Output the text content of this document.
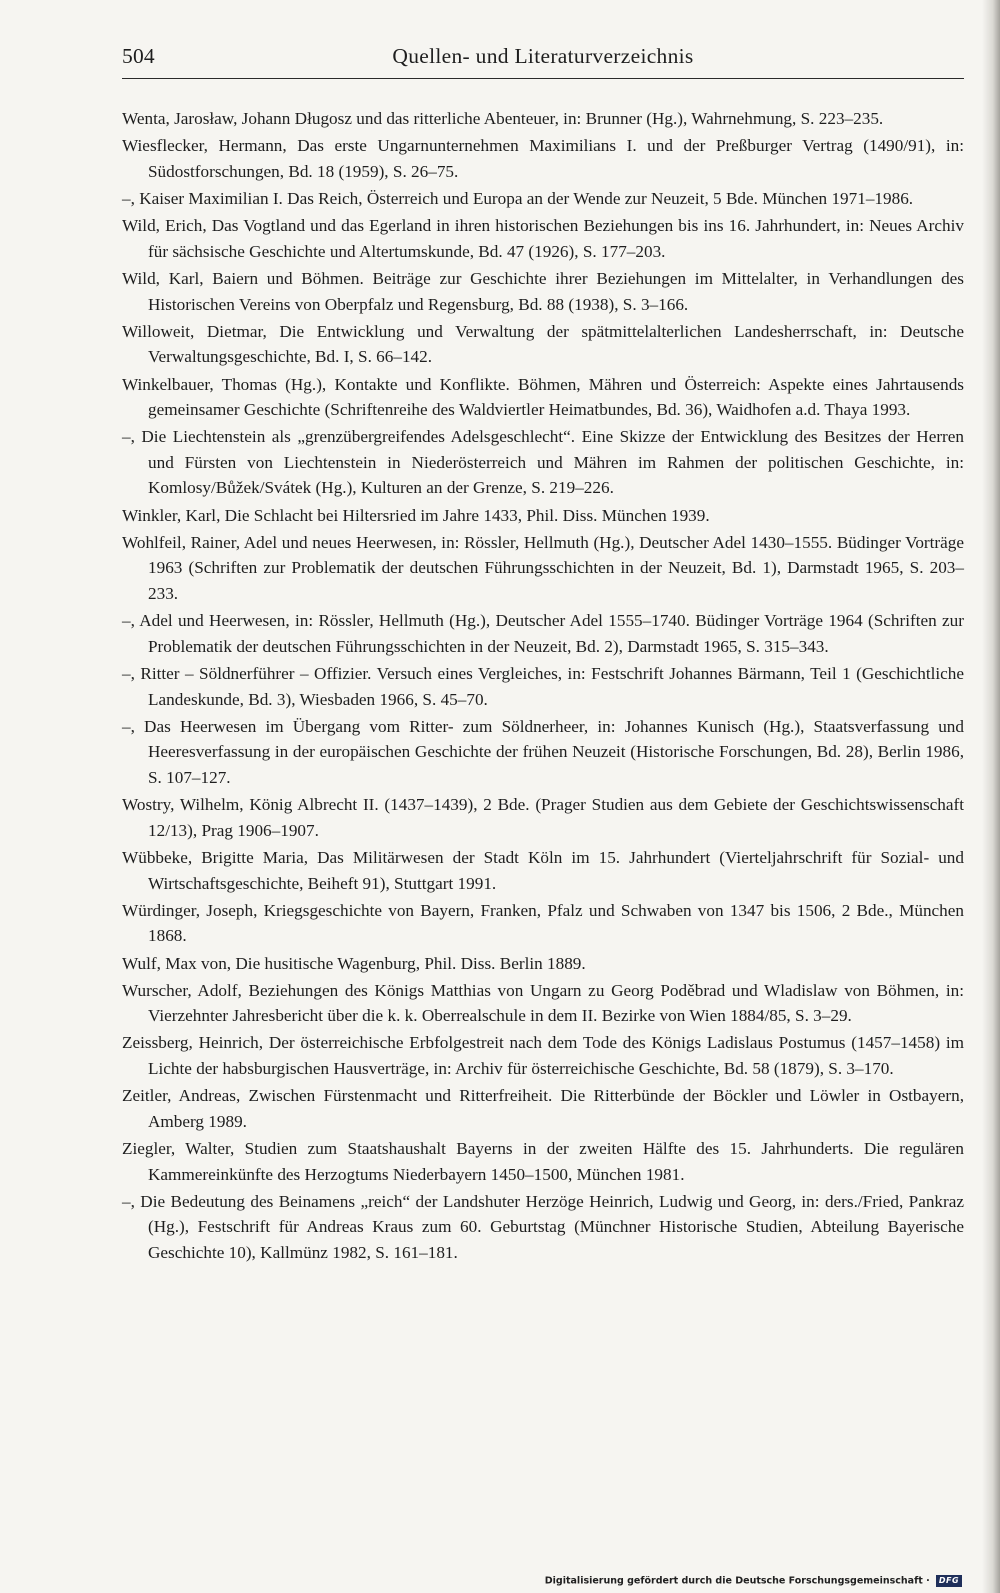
504	Quellen- und Literaturverzeichnis
Wenta, Jarosław, Johann Długosz und das ritterliche Abenteuer, in: Brunner (Hg.), Wahrnehmung, S. 223–235.
Wiesflecker, Hermann, Das erste Ungarnunternehmen Maximilians I. und der Preßburger Vertrag (1490/91), in: Südostforschungen, Bd. 18 (1959), S. 26–75.
–, Kaiser Maximilian I. Das Reich, Österreich und Europa an der Wende zur Neuzeit, 5 Bde. München 1971–1986.
Wild, Erich, Das Vogtland und das Egerland in ihren historischen Beziehungen bis ins 16. Jahrhundert, in: Neues Archiv für sächsische Geschichte und Altertumskunde, Bd. 47 (1926), S. 177–203.
Wild, Karl, Baiern und Böhmen. Beiträge zur Geschichte ihrer Beziehungen im Mittelalter, in Verhandlungen des Historischen Vereins von Oberpfalz und Regensburg, Bd. 88 (1938), S. 3–166.
Willoweit, Dietmar, Die Entwicklung und Verwaltung der spätmittelalterlichen Landesherrschaft, in: Deutsche Verwaltungsgeschichte, Bd. I, S. 66–142.
Winkelbauer, Thomas (Hg.), Kontakte und Konflikte. Böhmen, Mähren und Österreich: Aspekte eines Jahrtausends gemeinsamer Geschichte (Schriftenreihe des Waldviertler Heimatbundes, Bd. 36), Waidhofen a.d. Thaya 1993.
–, Die Liechtenstein als „grenzübergreifendes Adelsgeschlecht“. Eine Skizze der Entwicklung des Besitzes der Herren und Fürsten von Liechtenstein in Niederösterreich und Mähren im Rahmen der politischen Geschichte, in: Komlosy/Bůžek/Svátek (Hg.), Kulturen an der Grenze, S. 219–226.
Winkler, Karl, Die Schlacht bei Hiltersried im Jahre 1433, Phil. Diss. München 1939.
Wohlfeil, Rainer, Adel und neues Heerwesen, in: Rössler, Hellmuth (Hg.), Deutscher Adel 1430–1555. Büdinger Vorträge 1963 (Schriften zur Problematik der deutschen Führungsschichten in der Neuzeit, Bd. 1), Darmstadt 1965, S. 203–233.
–, Adel und Heerwesen, in: Rössler, Hellmuth (Hg.), Deutscher Adel 1555–1740. Büdinger Vorträge 1964 (Schriften zur Problematik der deutschen Führungsschichten in der Neuzeit, Bd. 2), Darmstadt 1965, S. 315–343.
–, Ritter – Söldnerführer – Offizier. Versuch eines Vergleiches, in: Festschrift Johannes Bärmann, Teil 1 (Geschichtliche Landeskunde, Bd. 3), Wiesbaden 1966, S. 45–70.
–, Das Heerwesen im Übergang vom Ritter- zum Söldnerheer, in: Johannes Kunisch (Hg.), Staatsverfassung und Heeresverfassung in der europäischen Geschichte der frühen Neuzeit (Historische Forschungen, Bd. 28), Berlin 1986, S. 107–127.
Wostry, Wilhelm, König Albrecht II. (1437–1439), 2 Bde. (Prager Studien aus dem Gebiete der Geschichtswissenschaft 12/13), Prag 1906–1907.
Wübbeke, Brigitte Maria, Das Militärwesen der Stadt Köln im 15. Jahrhundert (Vierteljahrschrift für Sozial- und Wirtschaftsgeschichte, Beiheft 91), Stuttgart 1991.
Würdinger, Joseph, Kriegsgeschichte von Bayern, Franken, Pfalz und Schwaben von 1347 bis 1506, 2 Bde., München 1868.
Wulf, Max von, Die husitische Wagenburg, Phil. Diss. Berlin 1889.
Wurscher, Adolf, Beziehungen des Königs Matthias von Ungarn zu Georg Poděbrad und Wladislaw von Böhmen, in: Vierzehnter Jahresbericht über die k. k. Oberrealschule in dem II. Bezirke von Wien 1884/85, S. 3–29.
Zeissberg, Heinrich, Der österreichische Erbfolgestreit nach dem Tode des Königs Ladislaus Postumus (1457–1458) im Lichte der habsburgischen Hausverträge, in: Archiv für österreichische Geschichte, Bd. 58 (1879), S. 3–170.
Zeitler, Andreas, Zwischen Fürstenmacht und Ritterfreiheit. Die Ritterbünde der Böckler und Löwler in Ostbayern, Amberg 1989.
Ziegler, Walter, Studien zum Staatshaushalt Bayerns in der zweiten Hälfte des 15. Jahrhunderts. Die regulären Kammereinkünfte des Herzogtums Niederbayern 1450–1500, München 1981.
–, Die Bedeutung des Beinamens „reich“ der Landshuter Herzöge Heinrich, Ludwig und Georg, in: ders./Fried, Pankraz (Hg.), Festschrift für Andreas Kraus zum 60. Geburtstag (Münchner Historische Studien, Abteilung Bayerische Geschichte 10), Kallmünz 1982, S. 161–181.
Digitalisierung gefördert durch die Deutsche Forschungsgemeinschaft · DFG
